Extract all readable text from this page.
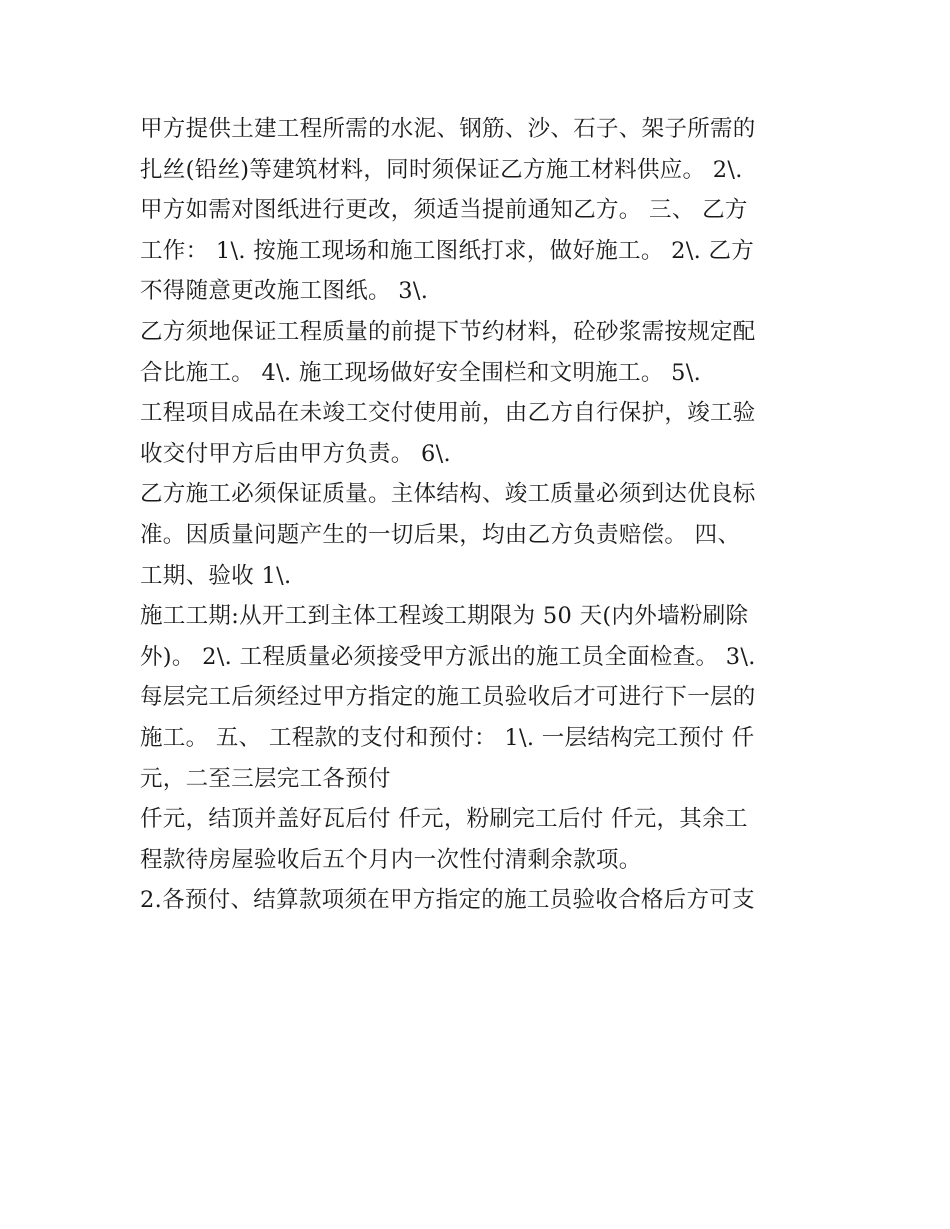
甲方提供土建工程所需的水泥、钢筋、沙、石子、架子所需的
扎丝(铅丝)等建筑材料，同时须保证乙方施工材料供应。 2\.
甲方如需对图纸进行更改，须适当提前通知乙方。 三、 乙方
工作： 1\. 按施工现场和施工图纸打求，做好施工。 2\. 乙方
不得随意更改施工图纸。 3\.
乙方须地保证工程质量的前提下节约材料，砼砂浆需按规定配
合比施工。 4\. 施工现场做好安全围栏和文明施工。 5\.
工程项目成品在未竣工交付使用前，由乙方自行保护，竣工验
收交付甲方后由甲方负责。 6\.
乙方施工必须保证质量。主体结构、竣工质量必须到达优良标
准。因质量问题产生的一切后果，均由乙方负责赔偿。 四、
工期、验收 1\.
施工工期:从开工到主体工程竣工期限为 50 天(内外墙粉刷除
外)。 2\. 工程质量必须接受甲方派出的施工员全面检查。 3\.
每层完工后须经过甲方指定的施工员验收后才可进行下一层的
施工。 五、 工程款的支付和预付： 1\. 一层结构完工预付 仟
元，二至三层完工各预付
仟元，结顶并盖好瓦后付 仟元，粉刷完工后付 仟元，其余工
程款待房屋验收后五个月内一次性付清剩余款项。
2.各预付、结算款项须在甲方指定的施工员验收合格后方可支
